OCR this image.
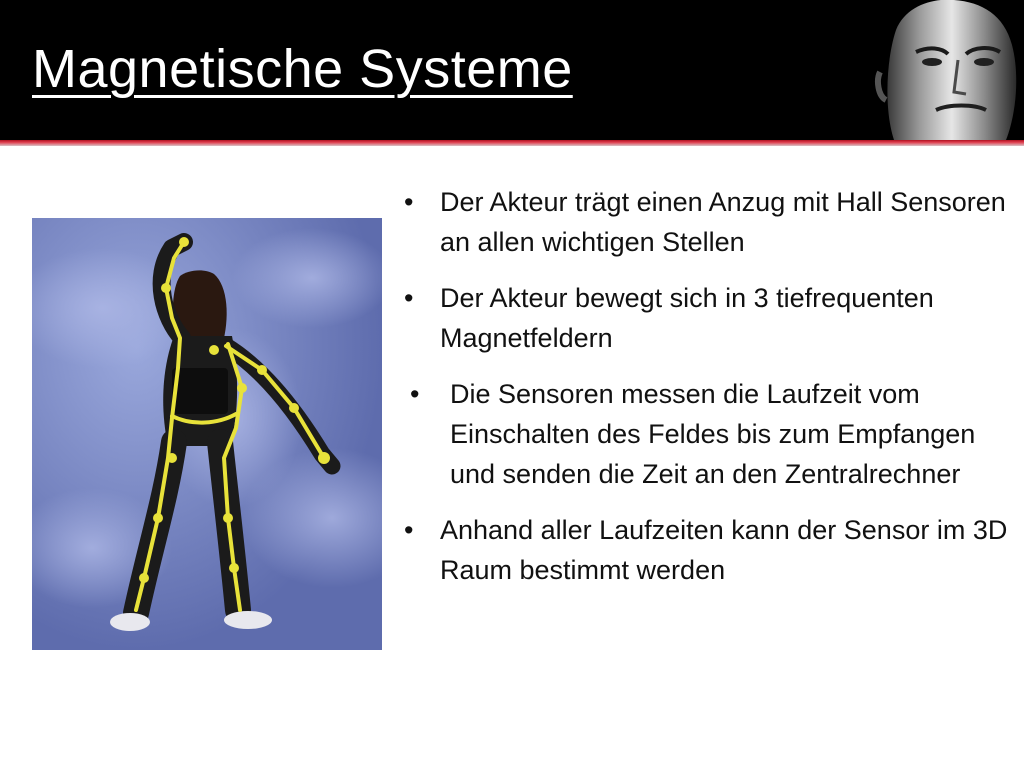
Magnetische Systeme
• Der Akteur trägt einen Anzug mit Hall Sensoren an allen wichtigen Stellen
• Der Akteur bewegt sich in 3 tiefrequenten Magnetfeldern
• Die Sensoren messen die Laufzeit vom Einschalten des Feldes bis zum Empfangen und senden die Zeit an den Zentralrechner
• Anhand aller Laufzeiten kann der Sensor im 3D Raum bestimmt werden
